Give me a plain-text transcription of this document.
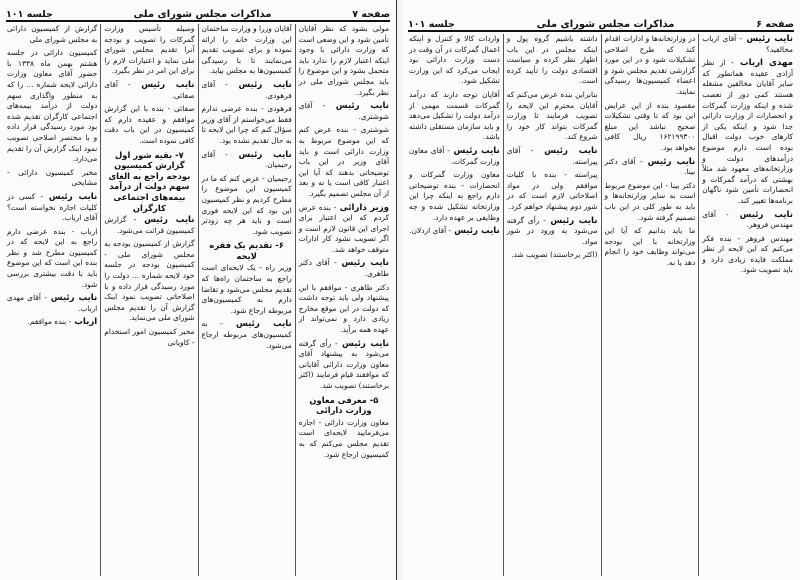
صفحه ۷
مذاکرات مجلس شورای ملی
جلسه ۱۰۱

مولی بشود که نظر آقایان تأمین شود و این وضعی است که وزارت دارائی با وجود اینکه اعتبار لازم را ندارد باید متحمل بشود و این موضوع را باید مجلس شورای ملی در نظر بگیرد.

نایب رئیس - آقای شوشتری.

شوشتری - بنده عرض کنم که این موضوع مربوط به وزارت دارائی است و باید آقای وزیر در این باب توضیحاتی بدهند که آیا این اعتبار کافی است یا نه و بعد از آن مجلس تصمیم بگیرد.

وزیر دارائی - بنده عرض کردم که این اعتبار برای اجرای این قانون لازم است و اگر تصویب نشود کار ادارات متوقف خواهد شد.

نایب رئیس - آقای دکتر طاهری.

دکتر طاهری - موافقم با این پیشنهاد ولی باید توجه داشت که دولت در این موقع مخارج زیادی دارد و نمی‌تواند از عهده همه برآید.

نایب رئیس - رأی گرفته می‌شود به پیشنهاد آقای معاون وزارت دارائی آقایانی که موافقند قیام فرمایند (اکثر برخاستند) تصویب شد.

۵- معرفی معاون وزارت دارائی

معاون وزارت دارائی - اجازه می‌فرمایید لایحه‌ای است تقدیم مجلس می‌کنم که به کمیسیون ارجاع شود.

آقایان وزرا و وزارت ساختمان این وزارت خانه را ارائه نموده و برای تصویب تقدیم می‌نمایند تا با رسیدگی کمیسیون‌ها به مجلس بیاید.

نایب رئیس - آقای فرهودی.

فرهودی - بنده عرضی ندارم فقط می‌خواستم از آقای وزیر سؤال کنم که چرا این لایحه تا به حال تقدیم نشده بود.

نایب رئیس - آقای رحیمیان.

رحیمیان - عرض کنم که ما در کمیسیون این موضوع را مطرح کردیم و نظر کمیسیون این بود که این لایحه فوری است و باید هر چه زودتر تصویب شود.

۶- تقدیم یک فقره لایحه

وزیر راه - یک لایحه‌ای است راجع به ساختمان راه‌ها که تقدیم مجلس می‌شود و تقاضا دارم به کمیسیون‌های مربوطه ارجاع شود.

نایب رئیس - به کمیسیون‌های مربوطه ارجاع می‌شود.

وسیله تأسیس وزارت گمرکات را تصویب و بودجه آنرا تقدیم مجلس شورای ملی نماید و اعتبارات لازم را برای این امر در نظر بگیرد.

نایب رئیس - آقای صفائی.

صفائی - بنده با این گزارش موافقم و عقیده دارم که کمیسیون در این باب دقت کافی نموده است.

۷- بقیه شور اول گزارش کمیسیون بودجه راجع به الغای سهم دولت از درآمد بیمه‌های اجتماعی کارگران

نایب رئیس - گزارش کمیسیون قرائت می‌شود.

گزارش از کمیسیون بودجه به مجلس شورای ملی - کمیسیون بودجه در جلسه خود لایحه شماره ... دولت را مورد رسیدگی قرار داده و با اصلاحاتی تصویب نمود اینک گزارش آن را تقدیم مجلس شورای ملی می‌نماید.

مخبر کمیسیون امور استخدام - کاویانی

گزارش از کمیسیون دارائی به مجلس شورای ملی

کمیسیون دارائی در جلسه هشتم بهمن ماه ۱۳۳۸ با حضور آقای معاون وزارت دارائی لایحه شماره ... را که به منظور واگذاری سهم دولت از درآمد بیمه‌های اجتماعی کارگران تقدیم شده بود مورد رسیدگی قرار داده و با مختصر اصلاحی تصویب نمود اینک گزارش آن را تقدیم می‌دارد.

مخبر کمیسیون دارائی - مشایخی

نایب رئیس - کسی در کلیات اجازه نخواسته است؟ آقای ارباب.

ارباب - بنده عرضی دارم راجع به این لایحه که در کمیسیون مطرح شد و نظر بنده این است که این موضوع باید با دقت بیشتری بررسی شود.

نایب رئیس - آقای مهدی ارباب.

ارباب - بنده موافقم.

صفحه ۶
مذاکرات مجلس شورای ملی
جلسه ۱۰۱

نایب رئیس - آقای ارباب مخالفید؟

مهدی ارباب - از نظر آزادی عقیده همانطور که سایر آقایان مخالفین مشغله هستند کمی دور از تعصب شده و اینکه وزارت گمرکات و انحصارات از وزارت دارائی جدا شود و اینکه یکی از کارهای خوب دولت اقبال بوده است دارم موضوع درآمدهای دولت و وزارتخانه‌های معهود شد مثلاً بهشتی که درآمد گمرکات و انحصارات تأمین شود ناگهان برنامه‌ها تغییر کند.

نایب رئیس - آقای مهندس فروهر.

مهندس فروهر - بنده فکر می‌کنم که این لایحه از نظر مملکت فایده زیادی دارد و باید تصویب شود.

در وزارتخانه‌ها و ادارات اقدام کند که طرح اصلاحی تشکیلات شود و در این مورد گزارشی تقدیم مجلس شود و اعضاء کمیسیون‌ها رسیدگی نمایند.

مقصود بنده از این عرایض این بود که تا وقتی تشکیلات صحیح نباشد این مبلغ ۱۶۲۱۹۹۳۰۰ ریال کافی نخواهد بود.

نایب رئیس - آقای دکتر بینا.

دکتر بینا - این موضوع مربوط است به سایر وزارتخانه‌ها و باید به طور کلی در این باب تصمیم گرفته شود.

ما باید بدانیم که آیا این وزارتخانه با این بودجه می‌تواند وظایف خود را انجام دهد یا نه.

داشته باشیم گروه پول و اینکه مجلس در این باب اظهار نظر کرده و سیاست اقتصادی دولت را تأیید کرده است.

بنابراین بنده عرض می‌کنم که آقایان محترم این لایحه را تصویب فرمایند تا وزارت گمرکات بتواند کار خود را شروع کند.

نایب رئیس - آقای پیراسته.

پیراسته - بنده با کلیات موافقم ولی در مواد اصلاحاتی لازم است که در شور دوم پیشنهاد خواهم کرد.

نایب رئیس - رأی گرفته می‌شود به ورود در شور مواد.

(اکثر برخاستند) تصویب شد.

واردات کالا و کنترل و اینکه اعمال گمرکات در آن وقت در دست وزارت دارائی بود ایجاب می‌کرد که این وزارت تشکیل شود.

آقایان توجه دارند که درآمد گمرکات قسمت مهمی از درآمد دولت را تشکیل می‌دهد و باید سازمان مستقلی داشته باشد.

نایب رئیس - آقای معاون وزارت گمرکات.

معاون وزارت گمرکات و انحصارات - بنده توضیحاتی دارم راجع به اینکه چرا این وزارتخانه تشکیل شده و چه وظایفی بر عهده دارد.

نایب رئیس - آقای اردلان.
